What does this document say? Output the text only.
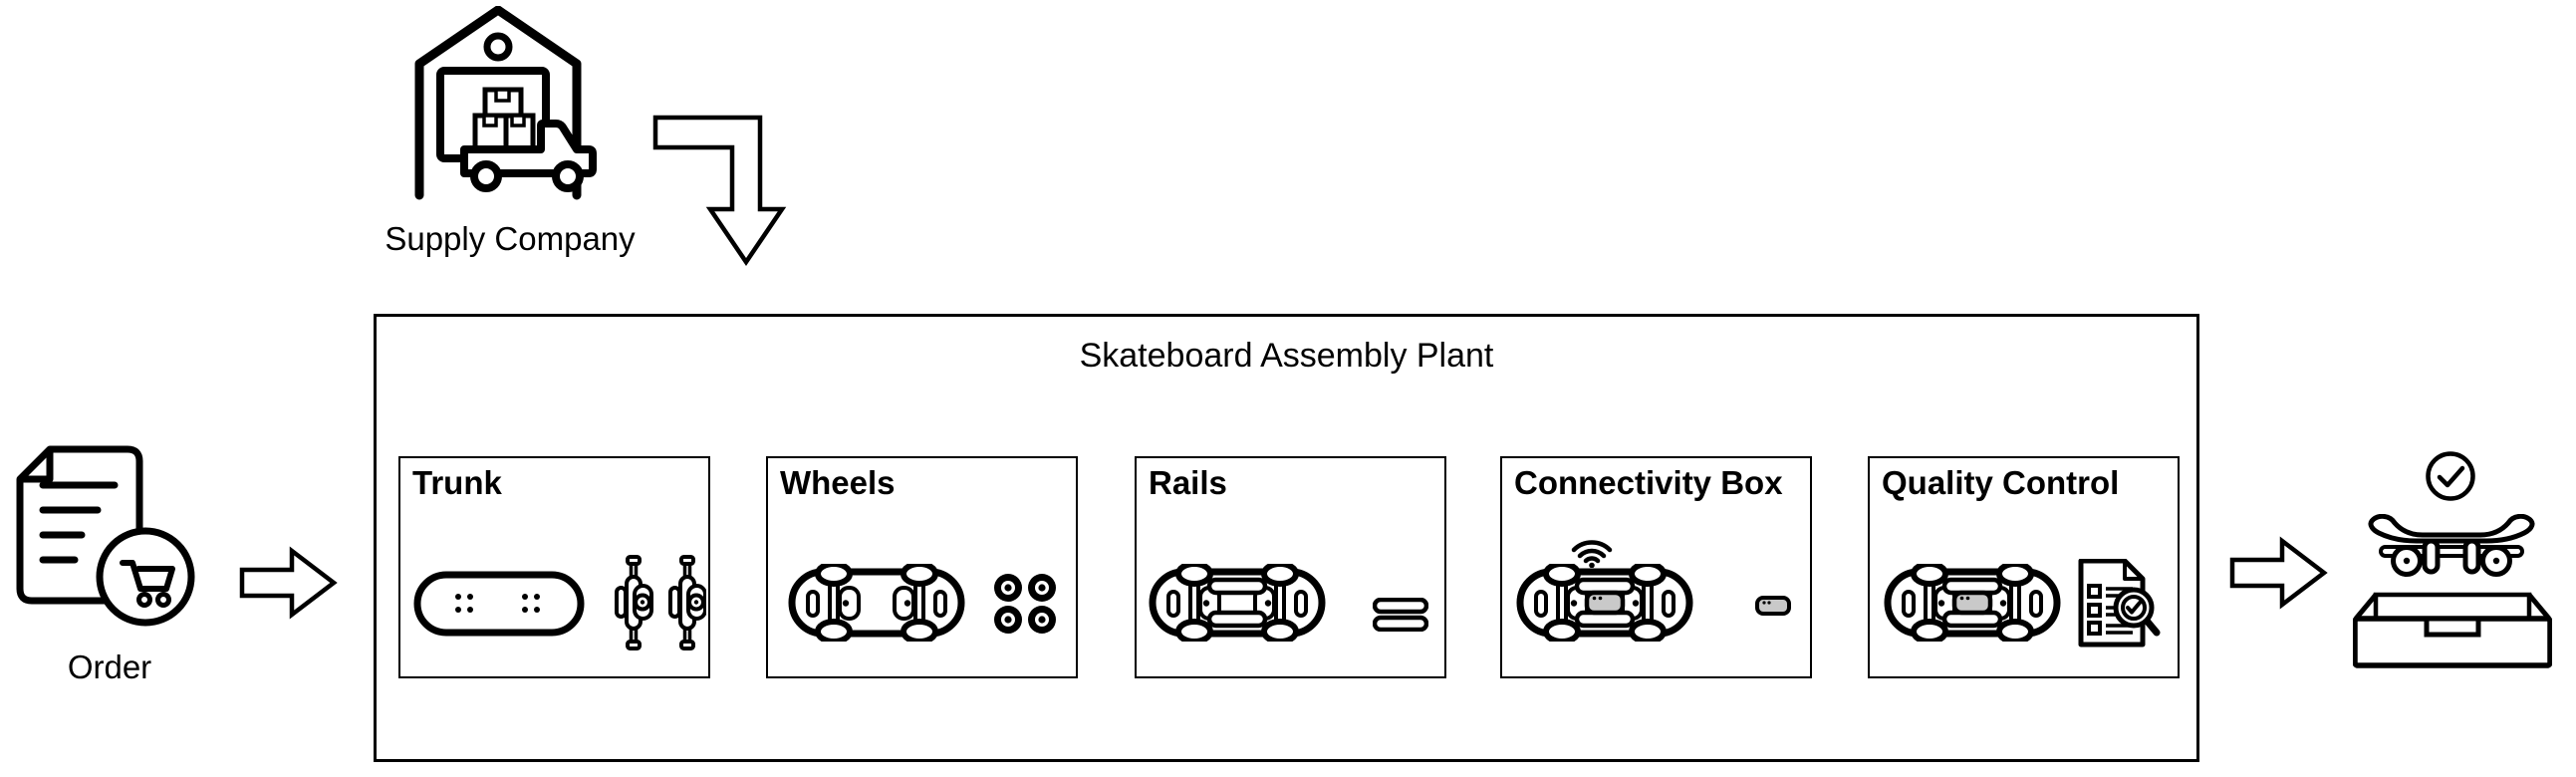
Supply Company
Order
Skateboard Assembly Plant
Trunk	Wheels	Rails	Connectivity Box	Quality Control
